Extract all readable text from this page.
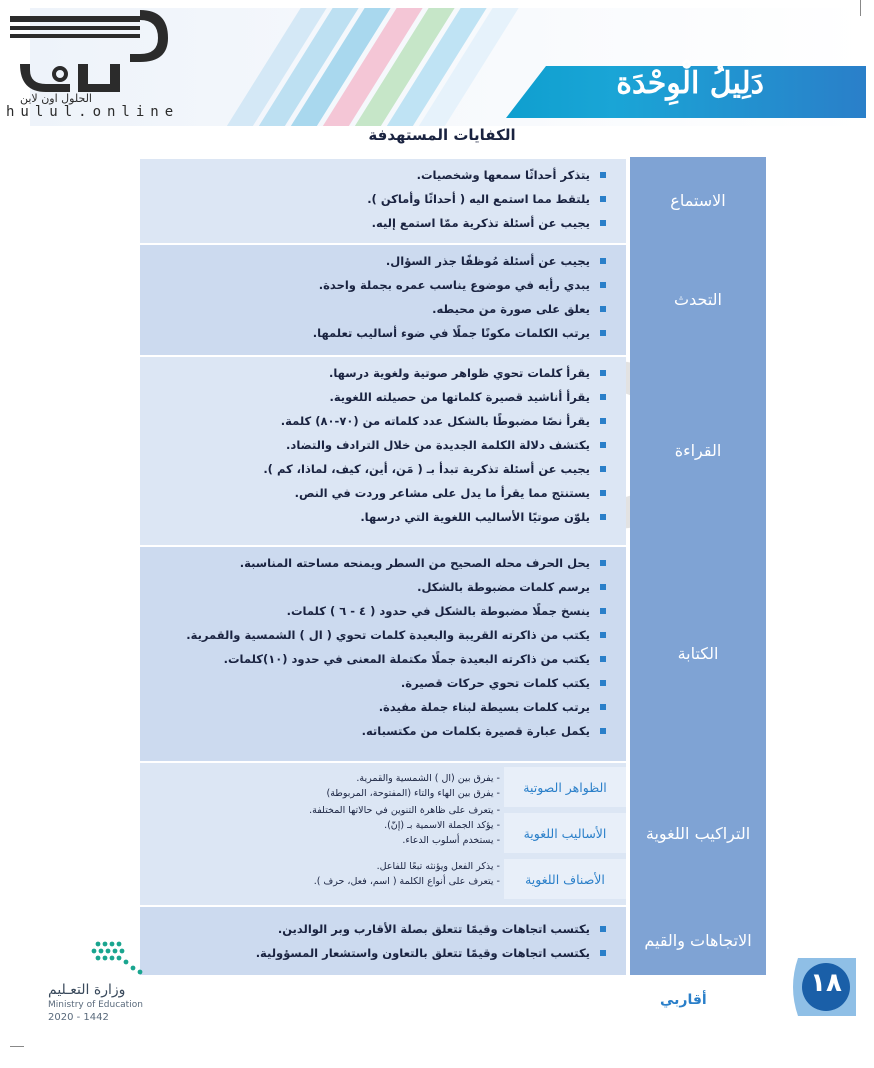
دَلِيلُ الْوِحْدَة
الحلول اون لاين
hulul.online
الكفايات المستهدفة
يتذكر أحداثًا سمعها وشخصيات.
يلتقط مما استمع اليه ( أحداثًا وأماكن ).
يجيب عن أسئلة تذكرية ممّا استمع إليه.
الاستماع
يجيب عن أسئلة مُوظفًا جذر السؤال.
يبدي رأيه في موضوع يناسب عمره بجملة واحدة.
يعلق على صورة من محيطه.
يرتب الكلمات مكونًا جملًا في ضوء أساليب تعلمها.
التحدث
يقرأ كلمات تحوي ظواهر صوتية ولغوية درسها.
يقرأ أناشيد قصيرة كلماتها من حصيلته اللغوية.
يقرأ نصًا مضبوطًا بالشكل عدد كلماته من (٧٠-٨٠) كلمة.
يكتشف دلالة الكلمة الجديدة من خلال الترادف والتضاد.
يجيب عن أسئلة تذكرية تبدأ بـ ( مَن، أين، كيف، لماذا، كم ).
يستنتج مما يقرأ ما يدل على مشاعر وردت في النص.
يلوّن صوتيًا الأساليب اللغوية التي درسها.
القراءة
يحل الحرف محله الصحيح من السطر ويمنحه مساحته المناسبة.
يرسم كلمات مضبوطة بالشكل.
ينسخ جملًا مضبوطة بالشكل في حدود ( ٤ - ٦ ) كلمات.
يكتب من ذاكرته القريبة والبعيدة كلمات تحوي ( ال ) الشمسية والقمرية.
يكتب من ذاكرته البعيدة جملًا مكتملة المعنى في حدود (١٠)كلمات.
يكتب كلمات تحوي حركات قصيرة.
يرتب كلمات بسيطة لبناء جملة مفيدة.
يكمل عبارة قصيرة بكلمات من مكتسباته.
الكتابة
الظواهر الصوتية
الأساليب اللغوية
الأصناف اللغوية
- يفرق بين (ال ) الشمسية والقمرية.
- يفرق بين الهاء والتاء (المفتوحة، المربوطة)
- يتعرف على ظاهرة التنوين في حالاتها المختلفة.
- يؤكد الجملة الاسمية بـ (إنّ).
- يستخدم أسلوب الدعاء.
- يذكر الفعل ويؤنثه تبعًا للفاعل.
- يتعرف على أنواع الكلمة ( اسم، فعل، حرف ).
التراكيب اللغوية
يكتسب اتجاهات وقيمًا تتعلق بصلة الأقارب وبر الوالدين.
يكتسب اتجاهات وقيمًا تتعلق بالتعاون واستشعار المسؤولية.
الاتجاهات والقيم
وزارة التعـليم
Ministry of Education
2020 - 1442
١٨
أقاربي
